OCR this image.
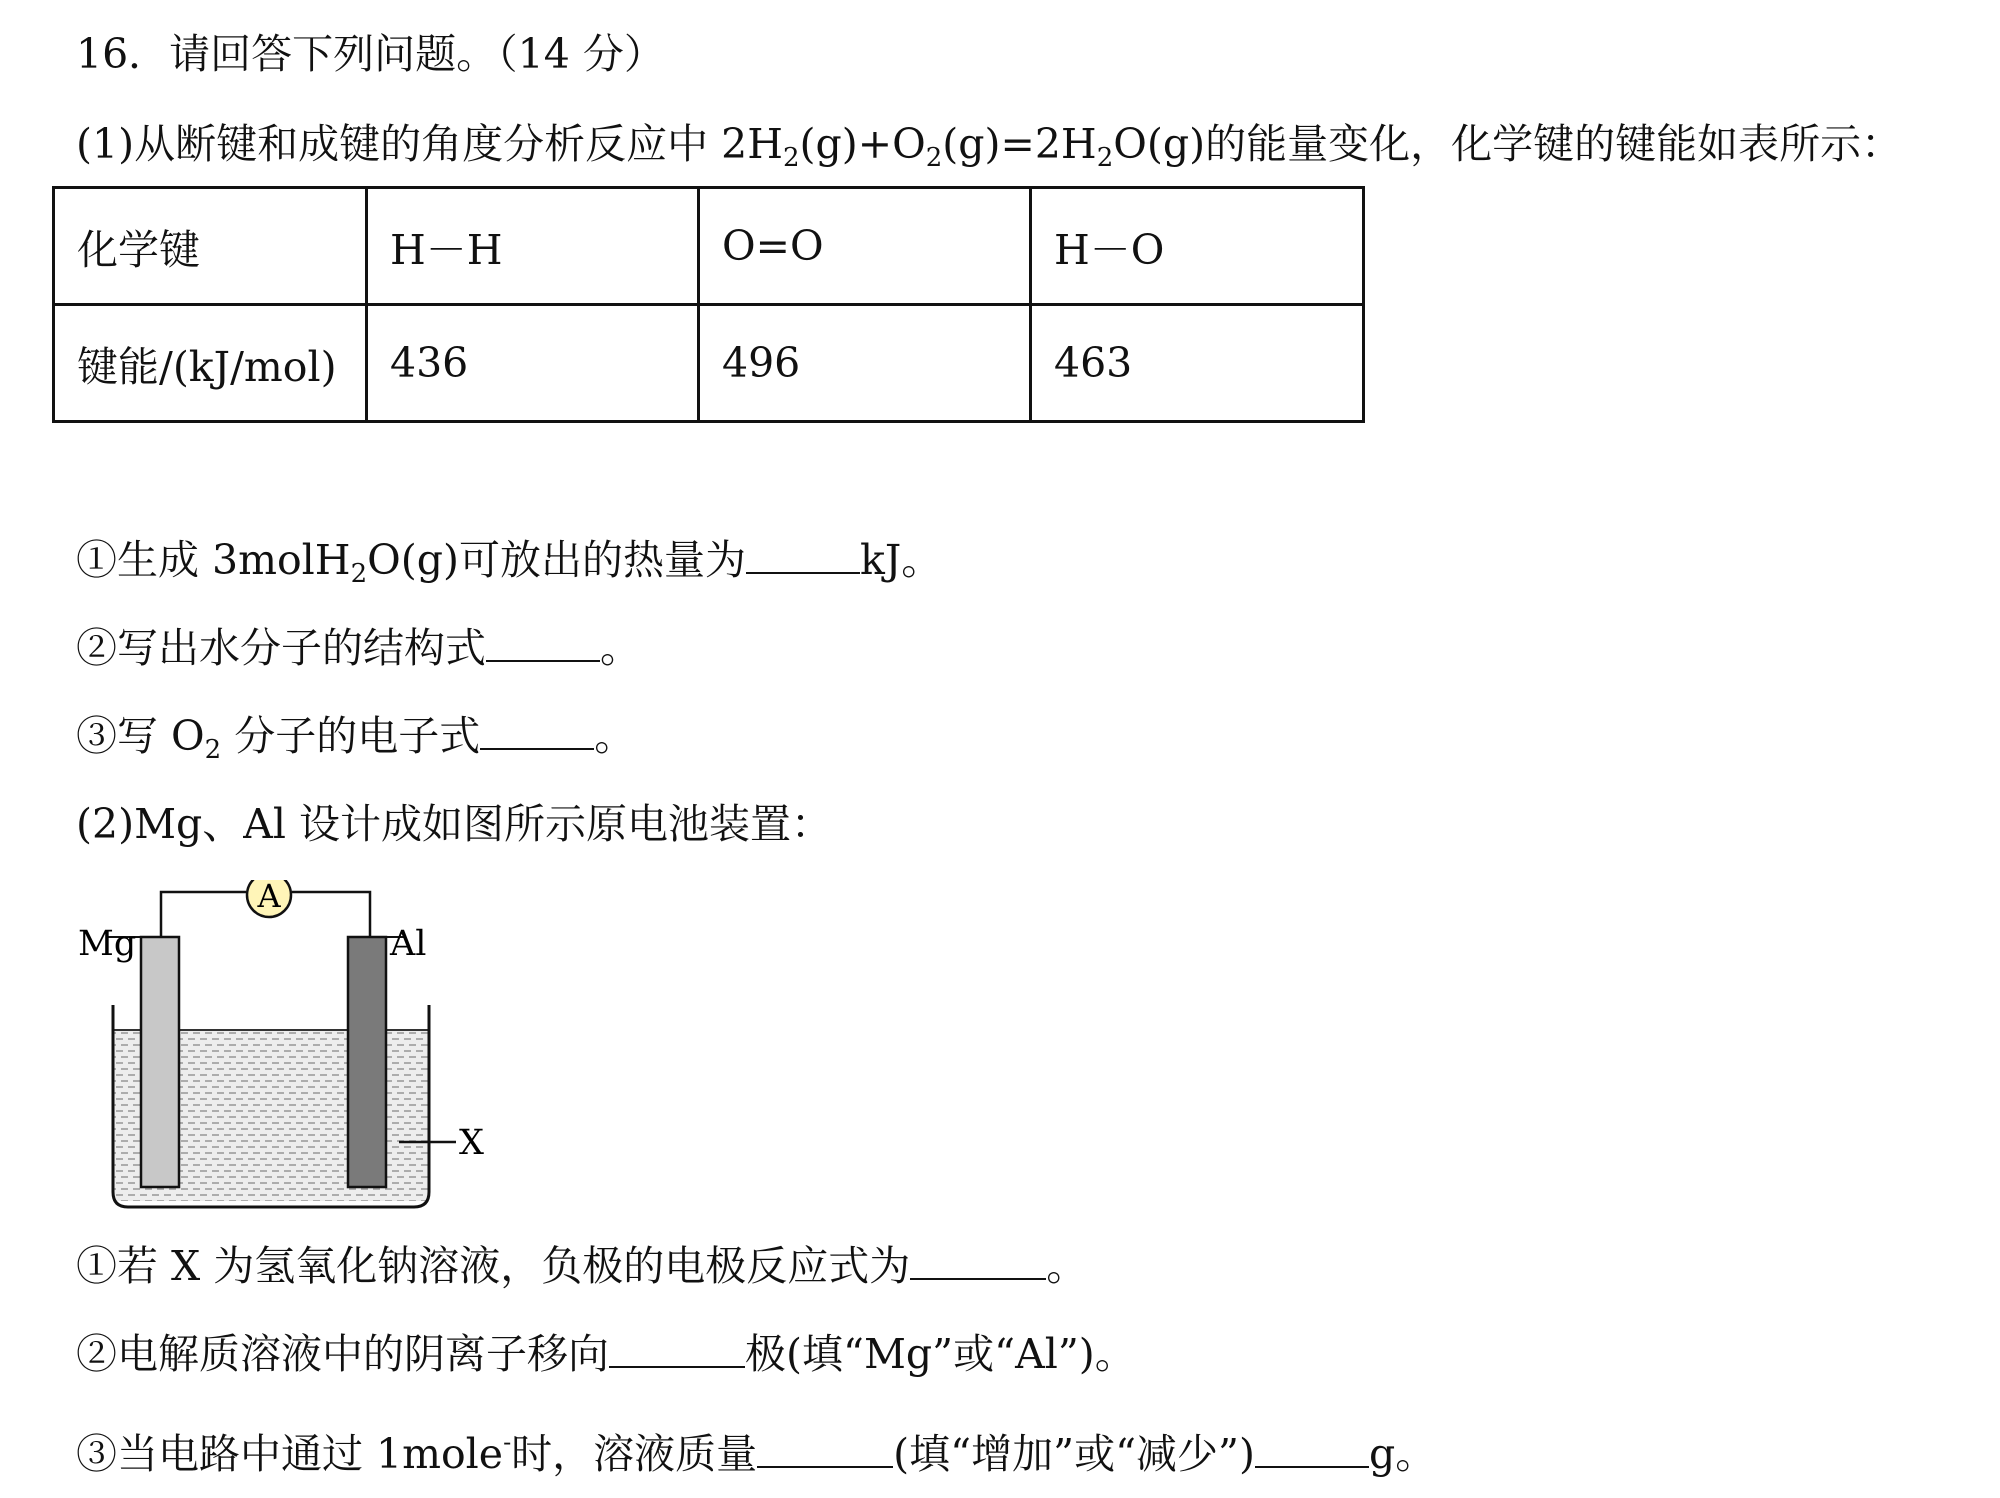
16．请回答下列问题。（14 分）
(1)从断键和成键的角度分析反应中 $2H_2(g)+O_2(g)=2H_2O(g)$的能量变化，化学键的键能如表所示：
化学键	H－H	O=O	H－O
键能/(kJ/mol)	436	496	463
①生成 3molH$_2$O(g)可放出的热量为	kJ。
②写出水分子的结构式	。
③写 $O_2$ 分子的电子式	。
(2)Mg、Al 设计成如图所示原电池装置：
A
Mg	Al
X
①若 X 为氢氧化钠溶液，负极的电极反应式为	。
②电解质溶液中的阴离子移向	极(填“Mg”或“Al”)。
③当电路中通过 1mole-时，溶液质量	(填“增加”或“减少”)	g。
